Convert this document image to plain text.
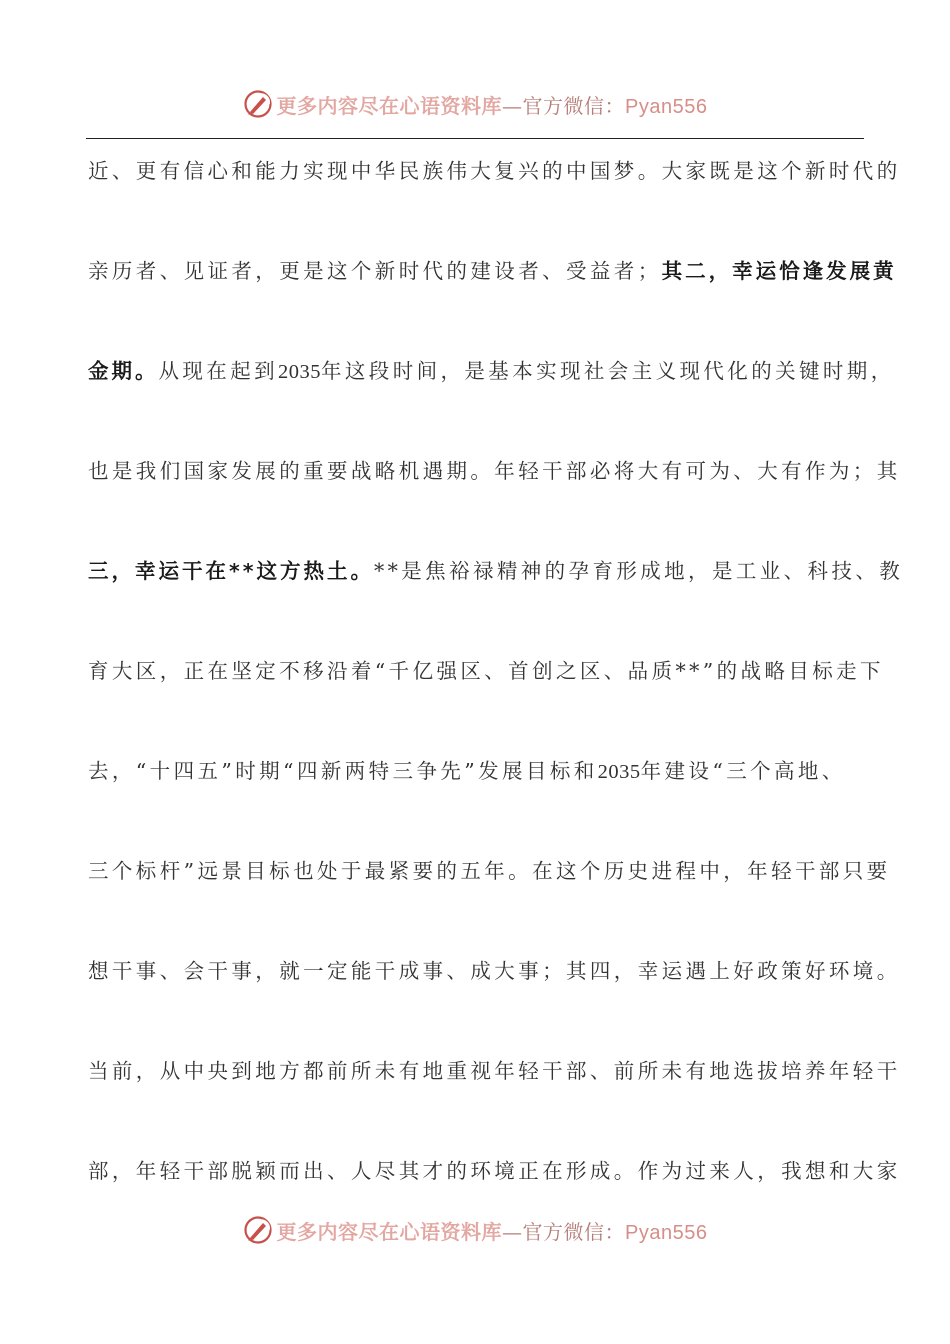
更多内容尽在心语资料库—官方微信：Pyan556
近、更有信心和能力实现中华民族伟大复兴的中国梦。大家既是这个新时代的
亲历者、见证者，更是这个新时代的建设者、受益者；其二，幸运恰逢发展黄
金期。从现在起到2035年这段时间，是基本实现社会主义现代化的关键时期，
也是我们国家发展的重要战略机遇期。年轻干部必将大有可为、大有作为；其
三，幸运干在**这方热土。**是焦裕禄精神的孕育形成地，是工业、科技、教
育大区，正在坚定不移沿着“千亿强区、首创之区、品质**”的战略目标走下
去，“十四五”时期“四新两特三争先”发展目标和2035年建设“三个高地、
三个标杆”远景目标也处于最紧要的五年。在这个历史进程中，年轻干部只要
想干事、会干事，就一定能干成事、成大事；其四，幸运遇上好政策好环境。
当前，从中央到地方都前所未有地重视年轻干部、前所未有地选拔培养年轻干
部，年轻干部脱颖而出、人尽其才的环境正在形成。作为过来人，我想和大家
更多内容尽在心语资料库—官方微信：Pyan556
